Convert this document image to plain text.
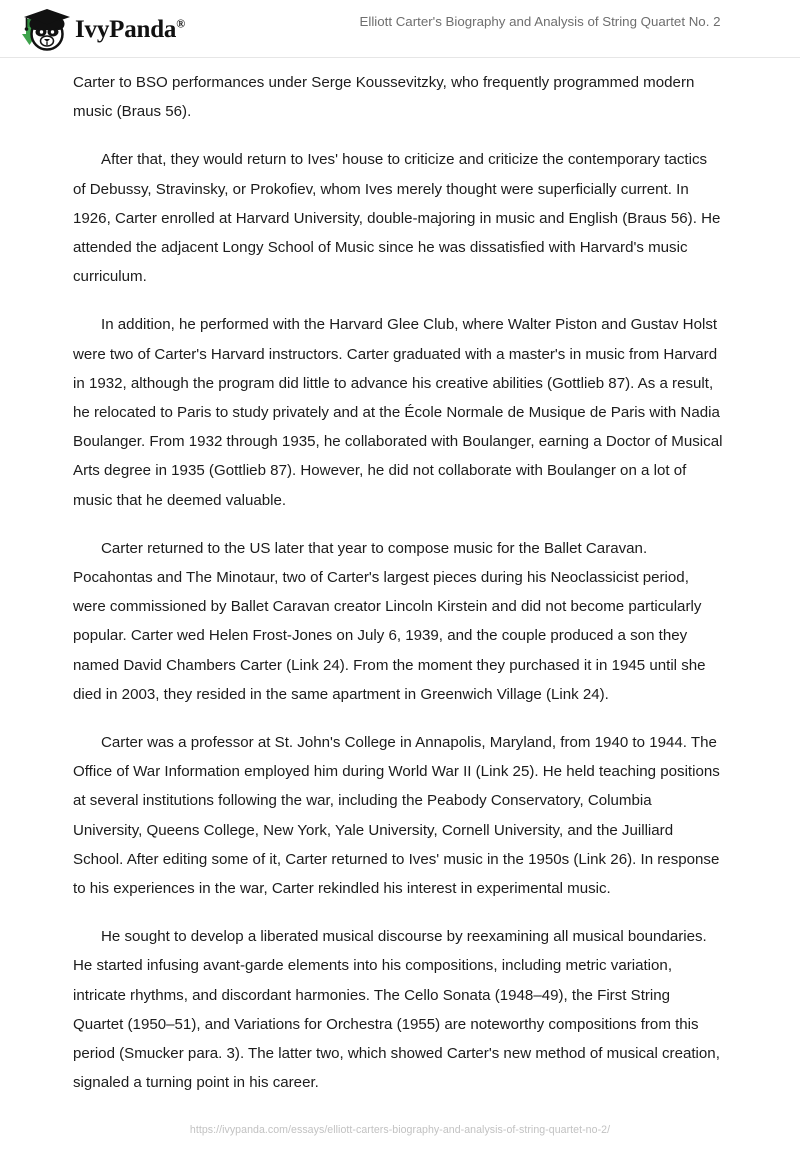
IvyPanda®	Elliott Carter's Biography and Analysis of String Quartet No. 2

Carter to BSO performances under Serge Koussevitzky, who frequently programmed modern music (Braus 56).

After that, they would return to Ives' house to criticize and criticize the contemporary tactics of Debussy, Stravinsky, or Prokofiev, whom Ives merely thought were superficially current. In 1926, Carter enrolled at Harvard University, double-majoring in music and English (Braus 56). He attended the adjacent Longy School of Music since he was dissatisfied with Harvard's music curriculum.

In addition, he performed with the Harvard Glee Club, where Walter Piston and Gustav Holst were two of Carter's Harvard instructors. Carter graduated with a master's in music from Harvard in 1932, although the program did little to advance his creative abilities (Gottlieb 87). As a result, he relocated to Paris to study privately and at the École Normale de Musique de Paris with Nadia Boulanger. From 1932 through 1935, he collaborated with Boulanger, earning a Doctor of Musical Arts degree in 1935 (Gottlieb 87). However, he did not collaborate with Boulanger on a lot of music that he deemed valuable.

Carter returned to the US later that year to compose music for the Ballet Caravan. Pocahontas and The Minotaur, two of Carter's largest pieces during his Neoclassicist period, were commissioned by Ballet Caravan creator Lincoln Kirstein and did not become particularly popular. Carter wed Helen Frost-Jones on July 6, 1939, and the couple produced a son they named David Chambers Carter (Link 24). From the moment they purchased it in 1945 until she died in 2003, they resided in the same apartment in Greenwich Village (Link 24).

Carter was a professor at St. John's College in Annapolis, Maryland, from 1940 to 1944. The Office of War Information employed him during World War II (Link 25). He held teaching positions at several institutions following the war, including the Peabody Conservatory, Columbia University, Queens College, New York, Yale University, Cornell University, and the Juilliard School. After editing some of it, Carter returned to Ives' music in the 1950s (Link 26). In response to his experiences in the war, Carter rekindled his interest in experimental music.

He sought to develop a liberated musical discourse by reexamining all musical boundaries. He started infusing avant-garde elements into his compositions, including metric variation, intricate rhythms, and discordant harmonies. The Cello Sonata (1948–49), the First String Quartet (1950–51), and Variations for Orchestra (1955) are noteworthy compositions from this period (Smucker para. 3). The latter two, which showed Carter's new method of musical creation, signaled a turning point in his career.

https://ivypanda.com/essays/elliott-carters-biography-and-analysis-of-string-quartet-no-2/
